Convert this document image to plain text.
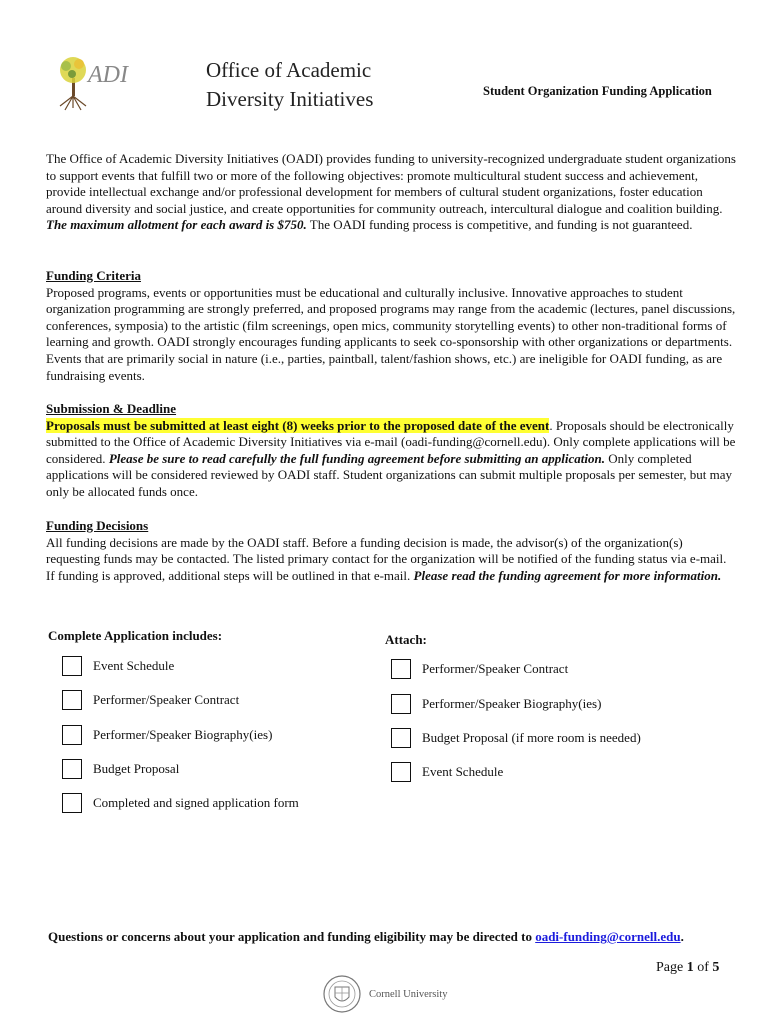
ADI	Office of Academic
Diversity Initiatives	Student Organization Funding Application
The Office of Academic Diversity Initiatives (OADI) provides funding to university-recognized undergraduate student organizations to support events that fulfill two or more of the following objectives: promote multicultural student success and achievement, provide intellectual exchange and/or professional development for members of cultural student organizations, foster education around diversity and social justice, and create opportunities for community outreach, intercultural dialogue and coalition building. The maximum allotment for each award is $750. The OADI funding process is competitive, and funding is not guaranteed.
Funding Criteria
Proposed programs, events or opportunities must be educational and culturally inclusive. Innovative approaches to student organization programming are strongly preferred, and proposed programs may range from the academic (lectures, panel discussions, conferences, symposia) to the artistic (film screenings, open mics, community storytelling events) to other non-traditional forms of learning and growth. OADI strongly encourages funding applicants to seek co-sponsorship with other organizations or departments. Events that are primarily social in nature (i.e., parties, paintball, talent/fashion shows, etc.) are ineligible for OADI funding, as are fundraising events.
Submission & Deadline
Proposals must be submitted at least eight (8) weeks prior to the proposed date of the event. Proposals should be electronically submitted to the Office of Academic Diversity Initiatives via e-mail (oadi-funding@cornell.edu). Only complete applications will be considered. Please be sure to read carefully the full funding agreement before submitting an application. Only completed applications will be considered reviewed by OADI staff. Student organizations can submit multiple proposals per semester, but may only be allocated funds once.
Funding Decisions
All funding decisions are made by the OADI staff. Before a funding decision is made, the advisor(s) of the organization(s) requesting funds may be contacted. The listed primary contact for the organization will be notified of the funding status via e-mail. If funding is approved, additional steps will be outlined in that e-mail. Please read the funding agreement for more information.
Complete Application includes:	Attach:
Event Schedule
Performer/Speaker Contract
Performer/Speaker Biography(ies)
Budget Proposal
Completed and signed application form
Performer/Speaker Contract
Performer/Speaker Biography(ies)
Budget Proposal (if more room is needed)
Event Schedule
Questions or concerns about your application and funding eligibility may be directed to oadi-funding@cornell.edu.
Page 1 of 5
Cornell University
